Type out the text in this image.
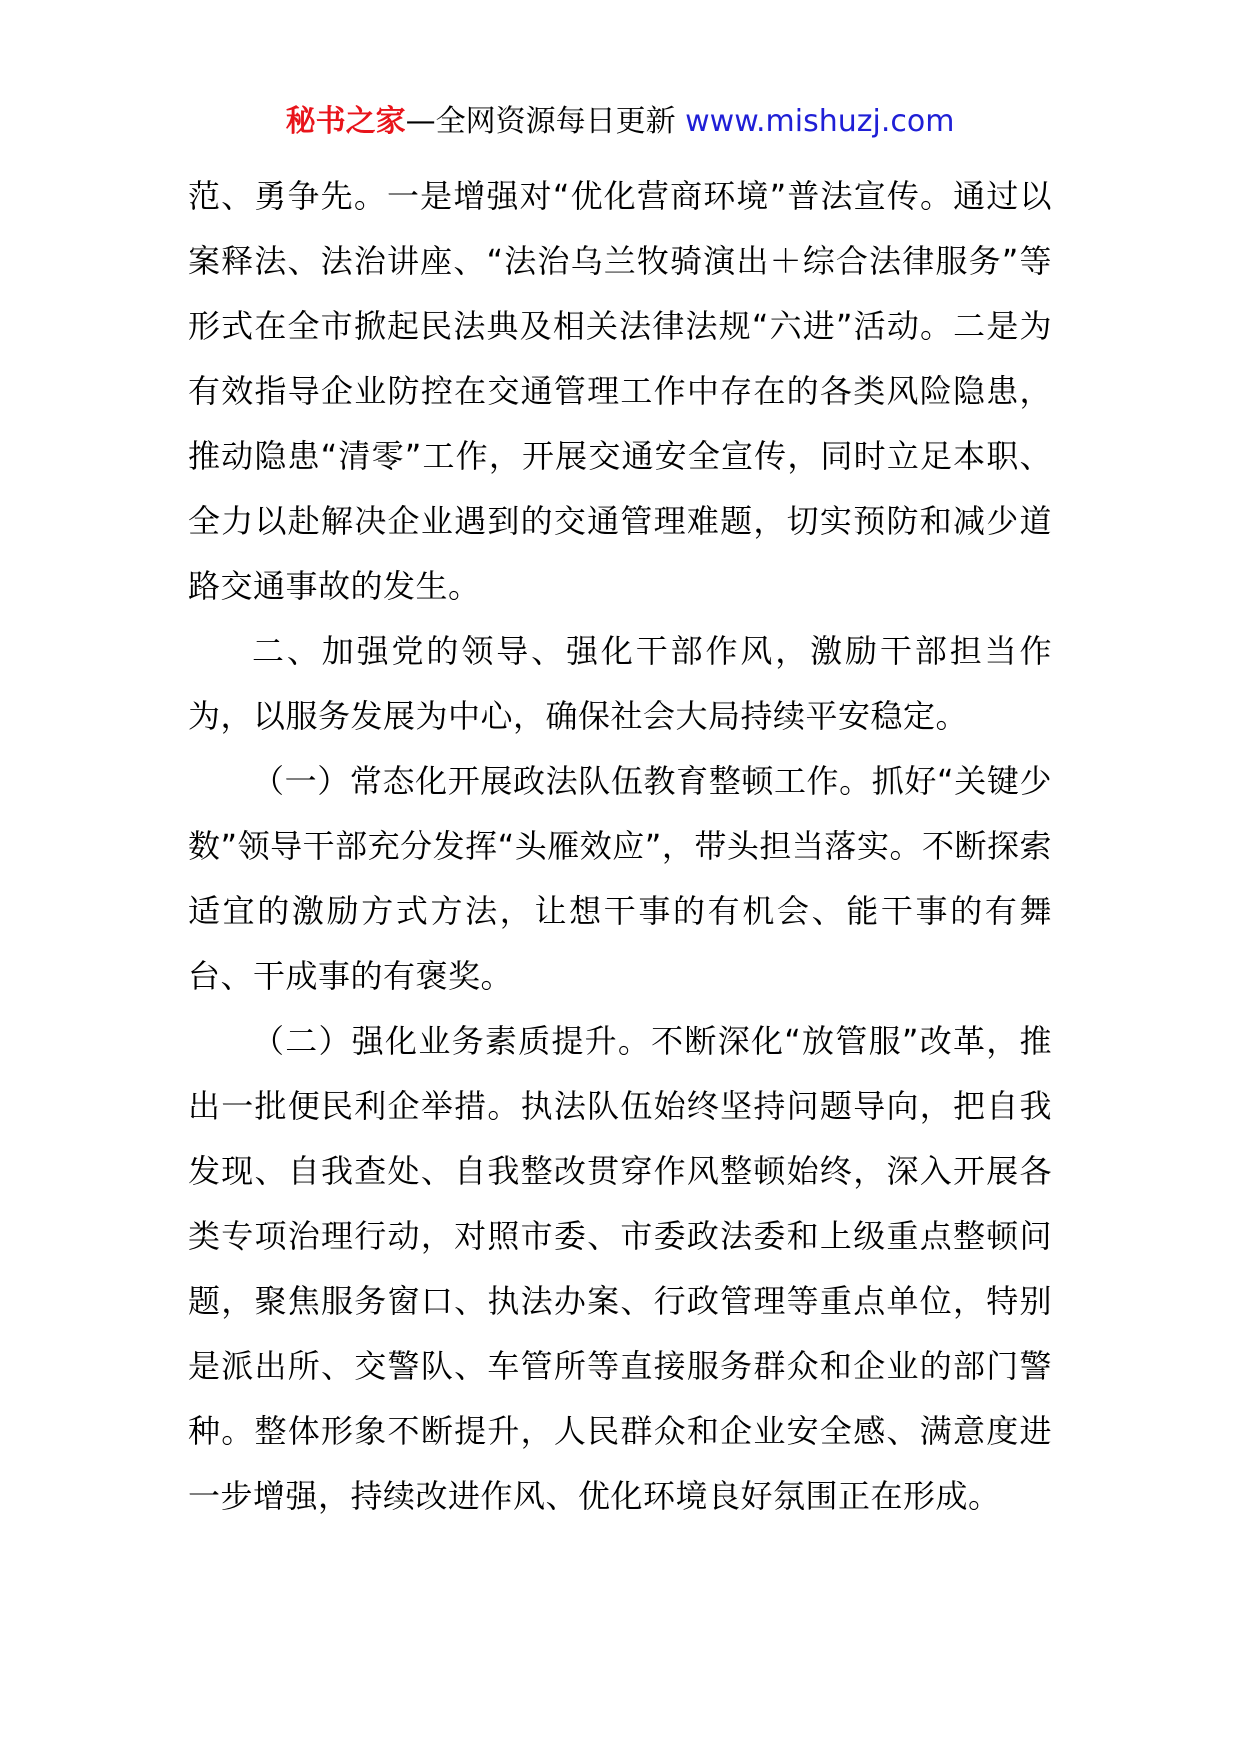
秘书之家—全网资源每日更新 www.mishuzj.com

范、勇争先。一是增强对“优化营商环境”普法宣传。通过以案释法、法治讲座、“法治乌兰牧骑演出＋综合法律服务”等形式在全市掀起民法典及相关法律法规“六进”活动。二是为有效指导企业防控在交通管理工作中存在的各类风险隐患，推动隐患“清零”工作，开展交通安全宣传，同时立足本职、全力以赴解决企业遇到的交通管理难题，切实预防和减少道路交通事故的发生。

二、加强党的领导、强化干部作风，激励干部担当作为，以服务发展为中心，确保社会大局持续平安稳定。

（一）常态化开展政法队伍教育整顿工作。抓好“关键少数”领导干部充分发挥“头雁效应”，带头担当落实。不断探索适宜的激励方式方法，让想干事的有机会、能干事的有舞台、干成事的有褒奖。

（二）强化业务素质提升。不断深化“放管服”改革，推出一批便民利企举措。执法队伍始终坚持问题导向，把自我发现、自我查处、自我整改贯穿作风整顿始终，深入开展各类专项治理行动，对照市委、市委政法委和上级重点整顿问题，聚焦服务窗口、执法办案、行政管理等重点单位，特别是派出所、交警队、车管所等直接服务群众和企业的部门警种。整体形象不断提升，人民群众和企业安全感、满意度进一步增强，持续改进作风、优化环境良好氛围正在形成。
